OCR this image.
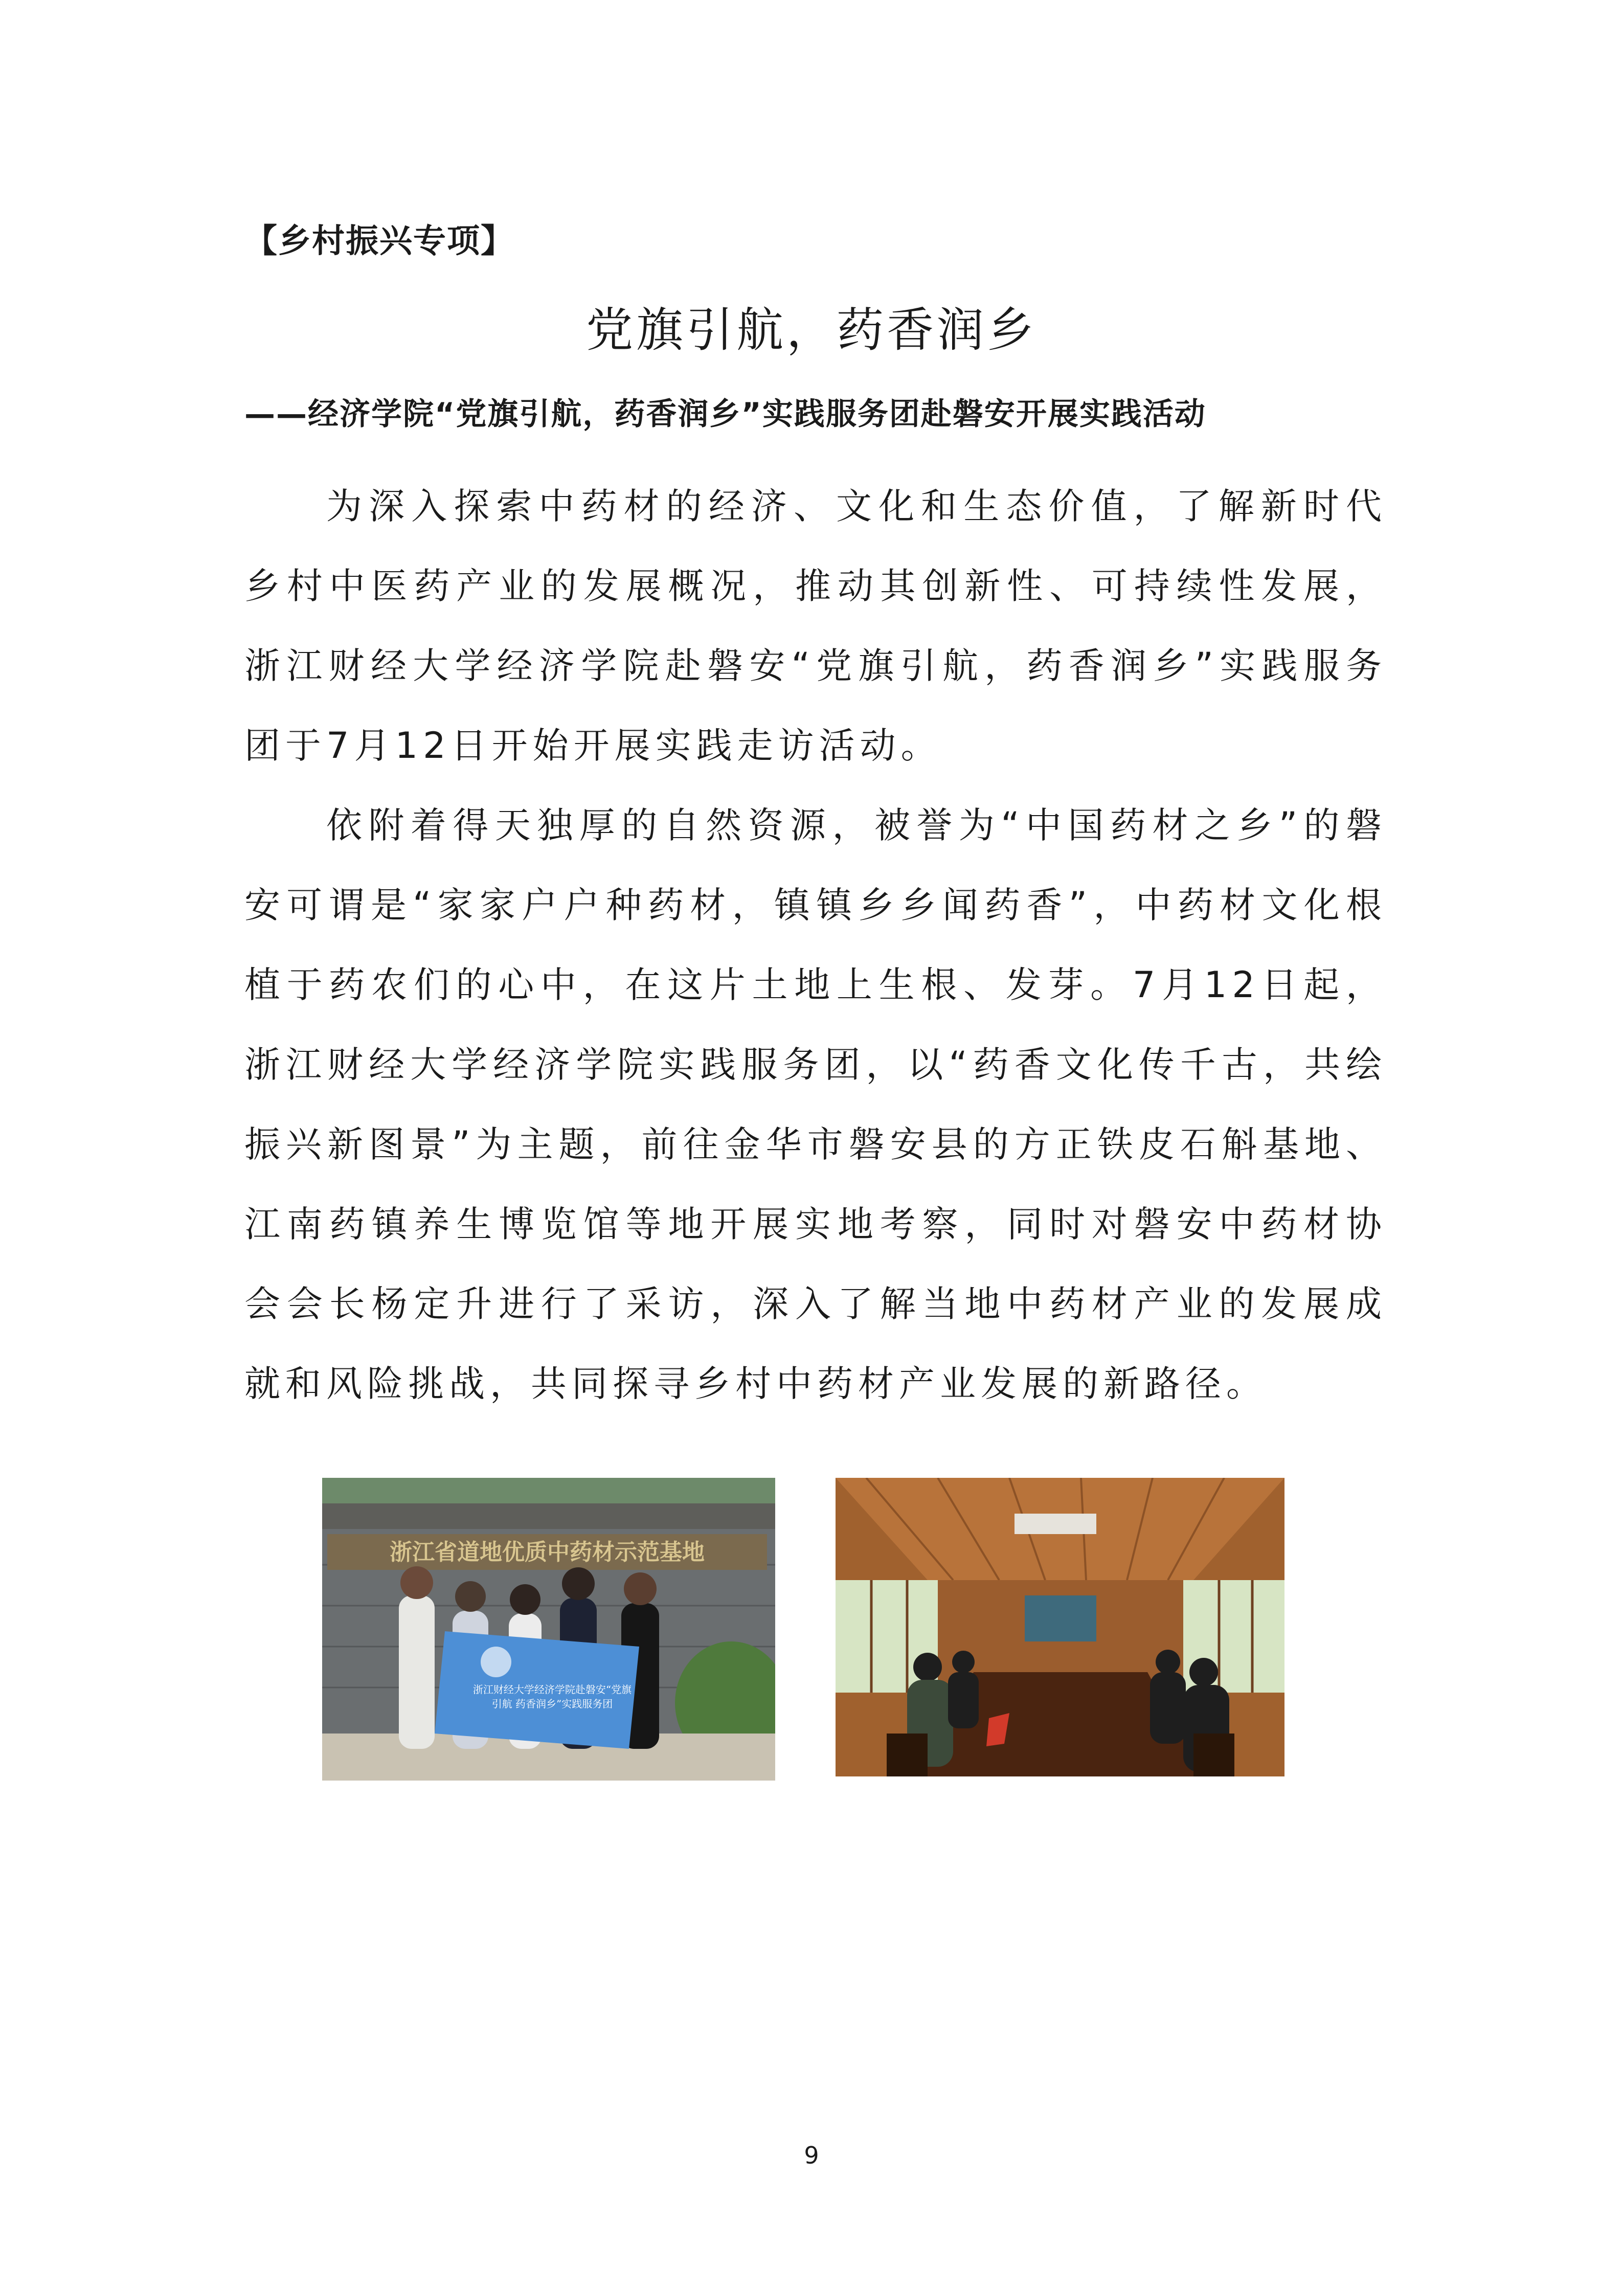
【乡村振兴专项】
党旗引航，药香润乡
——经济学院“党旗引航，药香润乡”实践服务团赴磐安开展实践活动

为深入探索中药材的经济、文化和生态价值，了解新时代乡村中医药产业的发展概况，推动其创新性、可持续性发展，浙江财经大学经济学院赴磐安“党旗引航，药香润乡”实践服务团于7月12日开始开展实践走访活动。

依附着得天独厚的自然资源，被誉为“中国药材之乡”的磐安可谓是“家家户户种药材，镇镇乡乡闻药香”，中药材文化根植于药农们的心中，在这片土地上生根、发芽。7月12日起，浙江财经大学经济学院实践服务团，以“药香文化传千古，共绘振兴新图景”为主题，前往金华市磐安县的方正铁皮石斛基地、江南药镇养生博览馆等地开展实地考察，同时对磐安中药材协会会长杨定升进行了采访，深入了解当地中药材产业的发展成就和风险挑战，共同探寻乡村中药材产业发展的新路径。

浙江省道地优质中药材示范基地
浙江财经大学经济学院赴磐安“党旗引航 药香润乡”实践服务团
9
